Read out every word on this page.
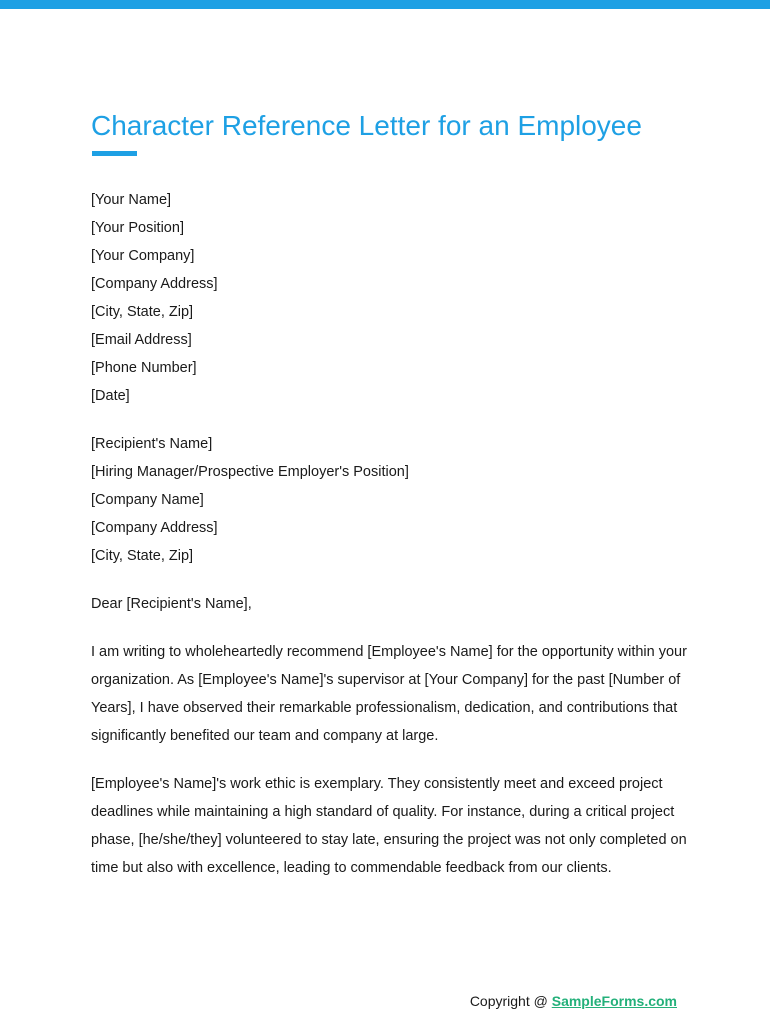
Character Reference Letter for an Employee
[Your Name]
[Your Position]
[Your Company]
[Company Address]
[City, State, Zip]
[Email Address]
[Phone Number]
[Date]
[Recipient's Name]
[Hiring Manager/Prospective Employer's Position]
[Company Name]
[Company Address]
[City, State, Zip]
Dear [Recipient's Name],

I am writing to wholeheartedly recommend [Employee's Name] for the opportunity within your organization. As [Employee's Name]'s supervisor at [Your Company] for the past [Number of Years], I have observed their remarkable professionalism, dedication, and contributions that significantly benefited our team and company at large.

[Employee's Name]'s work ethic is exemplary. They consistently meet and exceed project deadlines while maintaining a high standard of quality. For instance, during a critical project phase, [he/she/they] volunteered to stay late, ensuring the project was not only completed on time but also with excellence, leading to commendable feedback from our clients.

Copyright @ SampleForms.com
